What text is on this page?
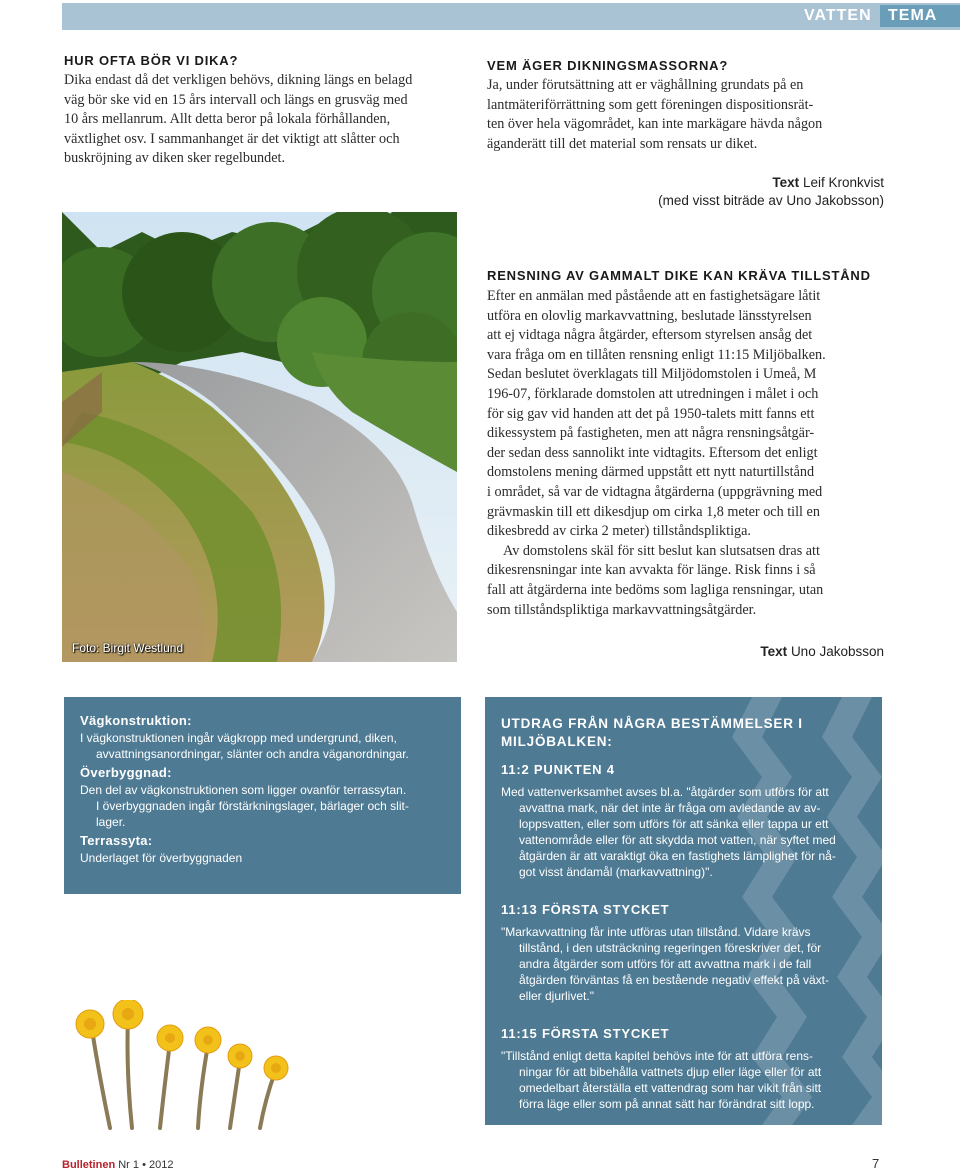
VATTEN	TEMA
HUR OFTA BÖR VI DIKA?
Dika endast då det verkligen behövs, dikning längs en belagd
väg bör ske vid en 15 års intervall och längs en grusväg med
10 års mellanrum. Allt detta beror på lokala förhållanden,
växtlighet osv. I sammanhanget är det viktigt att slåtter och
buskröjning av diken sker regelbundet.
VEM ÄGER DIKNINGSMASSORNA?
Ja, under förutsättning att er väghållning grundats på en
lantmäteriförrättning som gett föreningen dispositionsrät-
ten över hela vägområdet, kan inte markägare hävda någon
äganderätt till det material som rensats ur diket.
Text Leif Kronkvist
(med visst biträde av Uno Jakobsson)
Foto: Birgit Westlund
RENSNING AV GAMMALT DIKE KAN KRÄVA TILLSTÅND
Efter en anmälan med påstående att en fastighetsägare låtit
utföra en olovlig markavvattning, beslutade länsstyrelsen
att ej vidtaga några åtgärder, eftersom styrelsen ansåg det
vara fråga om en tillåten rensning enligt 11:15 Miljöbalken.
Sedan beslutet överklagats till Miljödomstolen i Umeå, M
196-07, förklarade domstolen att utredningen i målet i och
för sig gav vid handen att det på 1950-talets mitt fanns ett
dikessystem på fastigheten, men att några rensningsåtgär-
der sedan dess sannolikt inte vidtagits. Eftersom det enligt
domstolens mening därmed uppstått ett nytt naturtillstånd
i området, så var de vidtagna åtgärderna (uppgrävning med
grävmaskin till ett dikesdjup om cirka 1,8 meter och till en
dikesbredd av cirka 2 meter) tillståndspliktiga.
Av domstolens skäl för sitt beslut kan slutsatsen dras att
dikesrensningar inte kan avvakta för länge. Risk finns i så
fall att åtgärderna inte bedöms som lagliga rensningar, utan
som tillståndspliktiga markavvattningsåtgärder.
Text Uno Jakobsson
Vägkonstruktion:
I vägkonstruktionen ingår vägkropp med undergrund, diken,
avvattningsanordningar, slänter och andra väganordningar.
Överbyggnad:
Den del av vägkonstruktionen som ligger ovanför terrassytan.
I överbyggnaden ingår förstärkningslager, bärlager och slit-
lager.
Terrassyta:
Underlaget för överbyggnaden
UTDRAG FRÅN NÅGRA BESTÄMMELSER I
MILJÖBALKEN:
11:2 PUNKTEN 4
Med vattenverksamhet avses bl.a. "åtgärder som utförs för att
avvattna mark, när det inte är fråga om avledande av av-
loppsvatten, eller som utförs för att sänka eller tappa ur ett
vattenområde eller för att skydda mot vatten, när syftet med
åtgärden är att varaktigt öka en fastighets lämplighet för nå-
got visst ändamål (markavvattning)".
11:13 FÖRSTA STYCKET
"Markavvattning får inte utföras utan tillstånd. Vidare krävs
tillstånd, i den utsträckning regeringen föreskriver det, för
andra åtgärder som utförs för att avvattna mark i de fall
åtgärden förväntas få en bestående negativ effekt på växt-
eller djurlivet."
11:15 FÖRSTA STYCKET
"Tillstånd enligt detta kapitel behövs inte för att utföra rens-
ningar för att bibehålla vattnets djup eller läge eller för att
omedelbart återställa ett vattendrag som har vikit från sitt
förra läge eller som på annat sätt har förändrat sitt lopp.
Bulletinen Nr 1 • 2012	7
